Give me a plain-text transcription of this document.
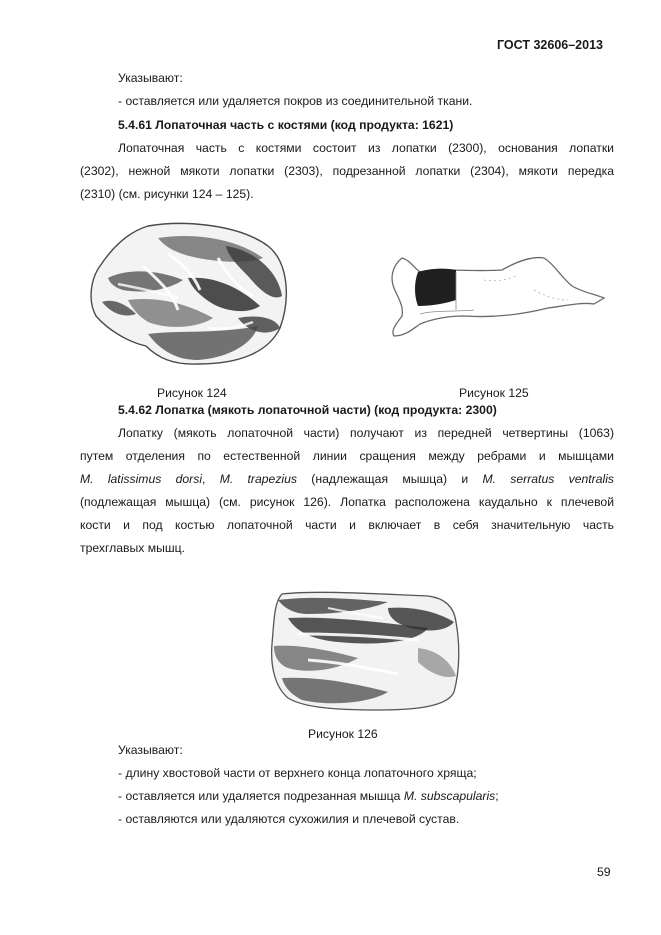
ГОСТ 32606–2013
Указывают:
- оставляется или удаляется покров из соединительной ткани.
5.4.61 Лопаточная часть с костями (код продукта: 1621)
Лопаточная часть с костями состоит из лопатки (2300), основания лопатки
(2302), нежной мякоти лопатки (2303), подрезанной лопатки (2304), мякоти передка
(2310) (см. рисунки 124 – 125).
Рисунок 124	Рисунок 125
5.4.62 Лопатка (мякоть лопаточной части) (код продукта: 2300)
Лопатку (мякоть лопаточной части) получают из передней четвертины (1063)
путем отделения по естественной линии сращения между ребрами и мышцами
M. latissimus dorsi, M. trapezius (надлежащая мышца) и M. serratus ventralis
(подлежащая мышца) (см. рисунок 126). Лопатка расположена каудально к плечевой
кости и под костью лопаточной части и включает в себя значительную часть
трехглавых мышц.
Рисунок 126
Указывают:
- длину хвостовой части от верхнего конца лопаточного хряща;
- оставляется или удаляется подрезанная мышца M. subscapularis;
- оставляются или удаляются сухожилия и плечевой сустав.
59
